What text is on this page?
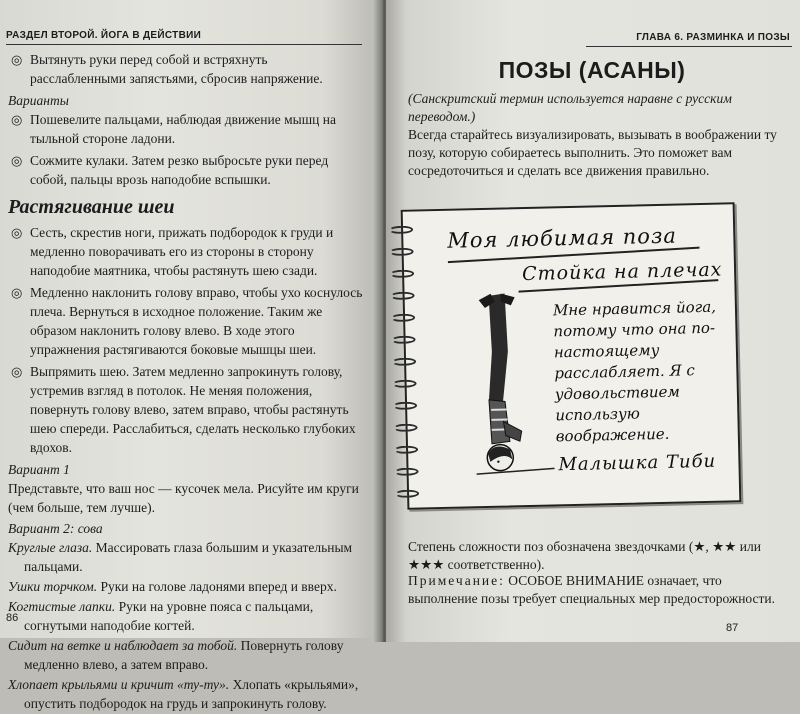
РАЗДЕЛ ВТОРОЙ. ЙОГА В ДЕЙСТВИИ
◎ Вытянуть руки перед собой и встряхнуть расслабленными запястьями, сбросив напряжение.
Варианты
◎ Пошевелите пальцами, наблюдая движение мышц на тыльной стороне ладони.
◎ Сожмите кулаки. Затем резко выбросьте руки перед собой, пальцы врозь наподобие вспышки.
Растягивание шеи
◎ Сесть, скрестив ноги, прижать подбородок к груди и медленно поворачивать его из стороны в сторону наподобие маятника, чтобы растянуть шею сзади.
◎ Медленно наклонить голову вправо, чтобы ухо коснулось плеча. Вернуться в исходное положение. Таким же образом наклонить голову влево. В ходе этого упражнения растягиваются боковые мышцы шеи.
◎ Выпрямить шею. Затем медленно запрокинуть голову, устремив взгляд в потолок. Не меняя положения, повернуть голову влево, затем вправо, чтобы растянуть шею спереди. Расслабиться, сделать несколько глубоких вдохов.
Вариант 1
Представьте, что ваш нос — кусочек мела. Рисуйте им круги (чем больше, тем лучше).
Вариант 2: сова
Круглые глаза. Массировать глаза большим и указательным пальцами.
Ушки торчком. Руки на голове ладонями вперед и вверх.
Когтистые лапки. Руки на уровне пояса с пальцами, согнутыми наподобие когтей.
Сидит на ветке и наблюдает за тобой. Повернуть голову медленно влево, а затем вправо.
Хлопает крыльями и кричит «ту-ту». Хлопать «крыльями», опустить подбородок на грудь и запрокинуть голову.
86
ГЛАВА 6. РАЗМИНКА И ПОЗЫ
ПОЗЫ (АСАНЫ)
(Санскритский термин используется наравне с русским переводом.)
Всегда старайтесь визуализировать, вызывать в воображении ту позу, которую собираетесь выполнить. Это поможет вам сосредоточиться и сделать все движения правильно.
Моя любимая поза
Стойка на плечах
Мне нравится йога, потому что она по-настоящему расслабляет. Я с удовольствием использую воображение.
Малышка Тиби
Степень сложности поз обозначена звездочками (★, ★★ или ★★★ соответственно).
Примечание: ОСОБОЕ ВНИМАНИЕ означает, что выполнение позы требует специальных мер предосторожности.
87
